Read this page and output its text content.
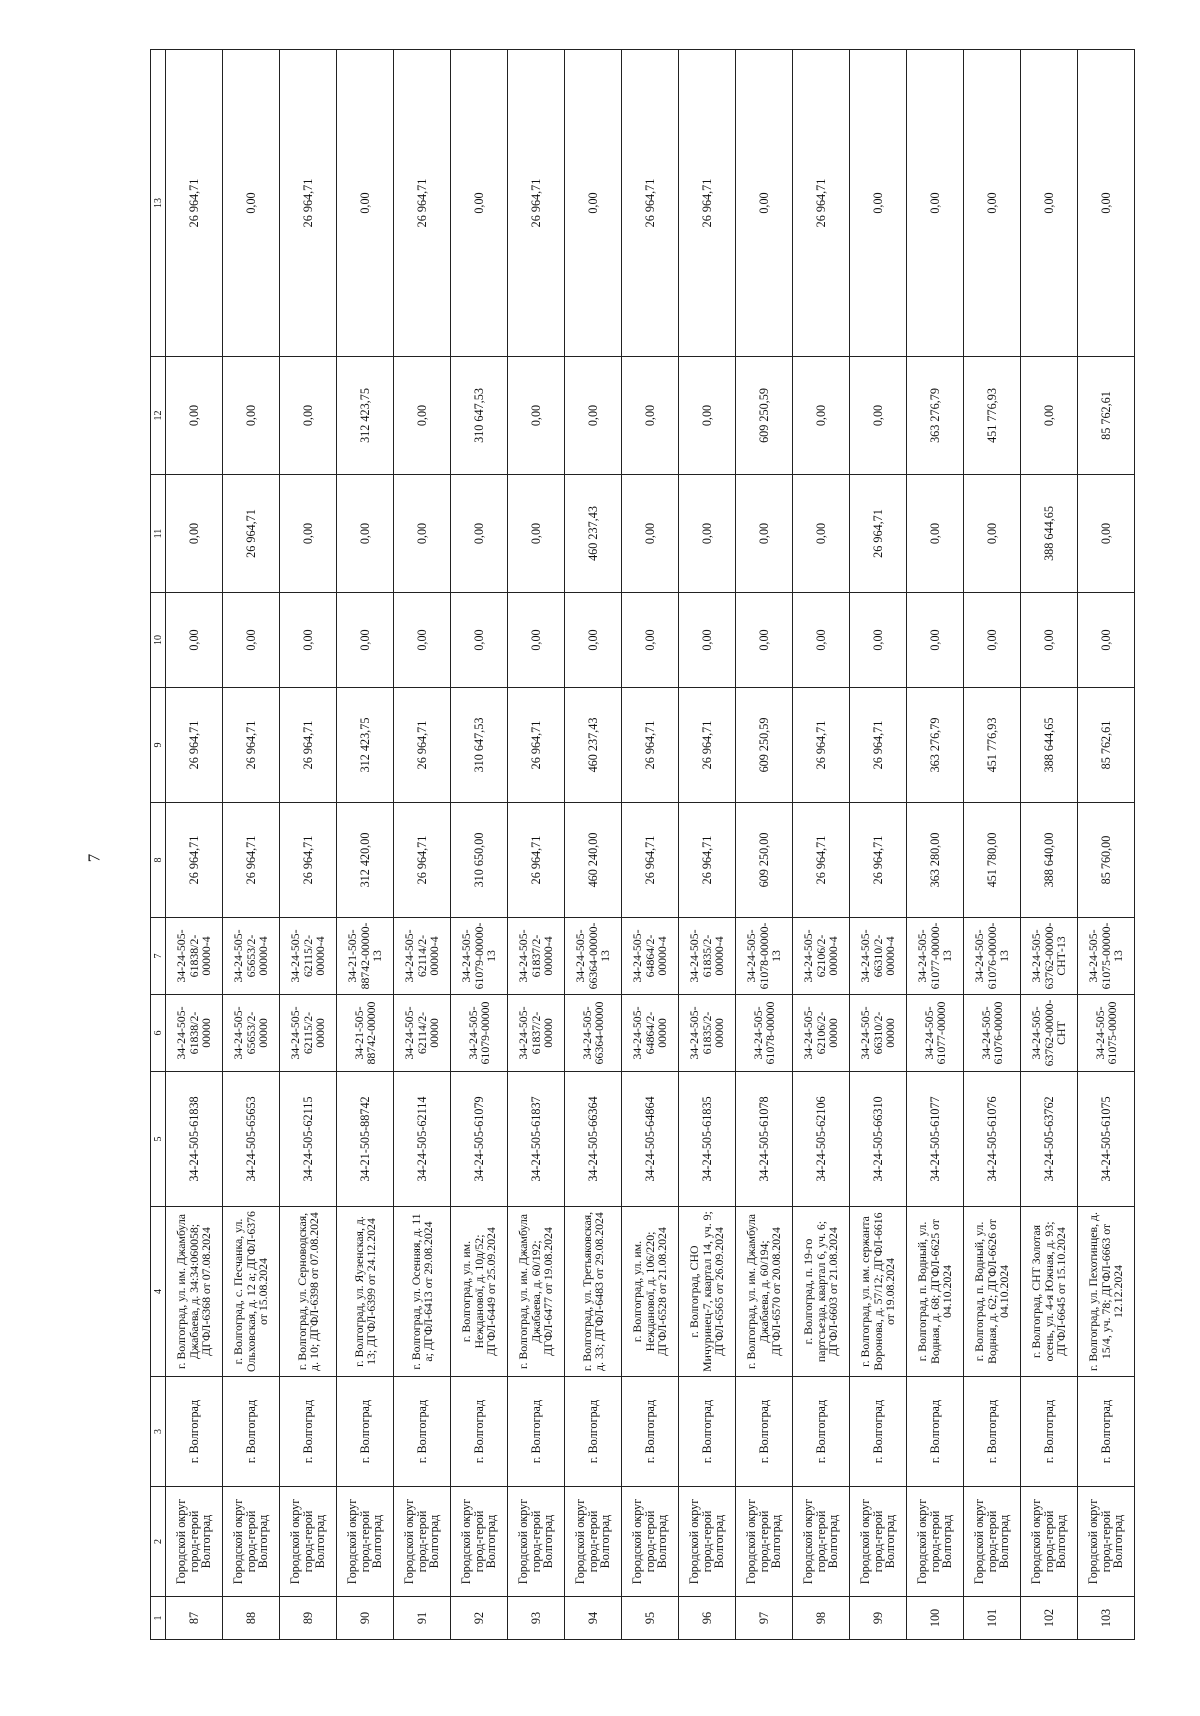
7
1	2	3	4	5	6	7	8	9	10	11	12	13
87	Городской округ город-герой Волгоград	г. Волгоград	г. Волгоград, ул. им. Джамбула Джабаева, д. 34:34:060058; ДГФЛ-6368 от 07.08.2024	34-24-505-61838	34-24-505-61838/2-00000	34-24-505-61838/2-00000-4	26 964,71	26 964,71	0,00	0,00	0,00	26 964,71
88	Городской округ город-герой Волгоград	г. Волгоград	г. Волгоград, с. Песчанка, ул. Ольховская, д. 12 а; ДГФЛ-6376 от 15.08.2024	34-24-505-65653	34-24-505-65653/2-00000	34-24-505-65653/2-00000-4	26 964,71	26 964,71	0,00	26 964,71	0,00	0,00
89	Городской округ город-герой Волгоград	г. Волгоград	г. Волгоград, ул. Серноводская, д. 10; ДГФЛ-6398 от 07.08.2024	34-24-505-62115	34-24-505-62115/2-00000	34-24-505-62115/2-00000-4	26 964,71	26 964,71	0,00	0,00	0,00	26 964,71
90	Городской округ город-герой Волгоград	г. Волгоград	г. Волгоград, ул. Яузенская, д. 13; ДГФЛ-6399 от 24.12.2024	34-21-505-88742	34-21-505-88742-00000	34-21-505-88742-00000-13	312 420,00	312 423,75	0,00	0,00	312 423,75	0,00
91	Городской округ город-герой Волгоград	г. Волгоград	г. Волгоград, ул. Осенняя, д. 11 а; ДГФЛ-6413 от 29.08.2024	34-24-505-62114	34-24-505-62114/2-00000	34-24-505-62114/2-00000-4	26 964,71	26 964,71	0,00	0,00	0,00	26 964,71
92	Городской округ город-герой Волгоград	г. Волгоград	г. Волгоград, ул. им. Нежданової, д. 10д/52; ДГФЛ-6449 от 25.09.2024	34-24-505-61079	34-24-505-61079-00000	34-24-505-61079-00000-13	310 650,00	310 647,53	0,00	0,00	310 647,53	0,00
93	Городской округ город-герой Волгоград	г. Волгоград	г. Волгоград, ул. им. Джамбула Джабаева, д. 60/192; ДГФЛ-6477 от 19.08.2024	34-24-505-61837	34-24-505-61837/2-00000	34-24-505-61837/2-00000-4	26 964,71	26 964,71	0,00	0,00	0,00	26 964,71
94	Городской округ город-герой Волгоград	г. Волгоград	г. Волгоград, ул. Третьяковская, д. 33; ДГФЛ-6483 от 29.08.2024	34-24-505-66364	34-24-505-66364-00000	34-24-505-66364-00000-13	460 240,00	460 237,43	0,00	460 237,43	0,00	0,00
95	Городской округ город-герой Волгоград	г. Волгоград	г. Волгоград, ул. им. Нежданової, д. 106/220; ДГФЛ-6528 от 21.08.2024	34-24-505-64864	34-24-505-64864/2-00000	34-24-505-64864/2-00000-4	26 964,71	26 964,71	0,00	0,00	0,00	26 964,71
96	Городской округ город-герой Волгоград	г. Волгоград	г. Волгоград, СНО Мичуринец-7, квартал 14, уч. 9; ДГФЛ-6565 от 26.09.2024	34-24-505-61835	34-24-505-61835/2-00000	34-24-505-61835/2-00000-4	26 964,71	26 964,71	0,00	0,00	0,00	26 964,71
97	Городской округ город-герой Волгоград	г. Волгоград	г. Волгоград, ул. им. Джамбула Джабаева, д. 60/194; ДГФЛ-6570 от 20.08.2024	34-24-505-61078	34-24-505-61078-00000	34-24-505-61078-00000-13	609 250,00	609 250,59	0,00	0,00	609 250,59	0,00
98	Городской округ город-герой Волгоград	г. Волгоград	г. Волгоград, п. 19-го партсъезда, квартал 6, уч. 6; ДГФЛ-6603 от 21.08.2024	34-24-505-62106	34-24-505-62106/2-00000	34-24-505-62106/2-00000-4	26 964,71	26 964,71	0,00	0,00	0,00	26 964,71
99	Городской округ город-герой Волгоград	г. Волгоград	г. Волгоград, ул. им. сержанта Воронова, д. 57/12; ДГФЛ-6616 от 19.08.2024	34-24-505-66310	34-24-505-66310/2-00000	34-24-505-66310/2-00000-4	26 964,71	26 964,71	0,00	26 964,71	0,00	0,00
100	Городской округ город-герой Волгоград	г. Волгоград	г. Волгоград, п. Водный, ул. Водная, д. 68; ДГФЛ-6625 от 04.10.2024	34-24-505-61077	34-24-505-61077-00000	34-24-505-61077-00000-13	363 280,00	363 276,79	0,00	0,00	363 276,79	0,00
101	Городской округ город-герой Волгоград	г. Волгоград	г. Волгоград, п. Водный, ул. Водная, д. 62; ДГФЛ-6626 от 04.10.2024	34-24-505-61076	34-24-505-61076-00000	34-24-505-61076-00000-13	451 780,00	451 776,93	0,00	0,00	451 776,93	0,00
102	Городской округ город-герой Волгоград	г. Волгоград	г. Волгоград, СНТ Золотая осень, ул. 4-я Южная, д. 93; ДГФЛ-6645 от 15.10.2024	34-24-505-63762	34-24-505-63762-00000-СНТ	34-24-505-63762-00000-СНТ-13	388 640,00	388 644,65	0,00	388 644,65	0,00	0,00
103	Городской округ город-герой Волгоград	г. Волгоград	г. Волгоград, ул. Пехотинцев, д. 15/4, уч. 78; ДГФЛ-6663 от 12.12.2024	34-24-505-61075	34-24-505-61075-00000	34-24-505-61075-00000-13	85 760,00	85 762,61	0,00	0,00	85 762,61	0,00
